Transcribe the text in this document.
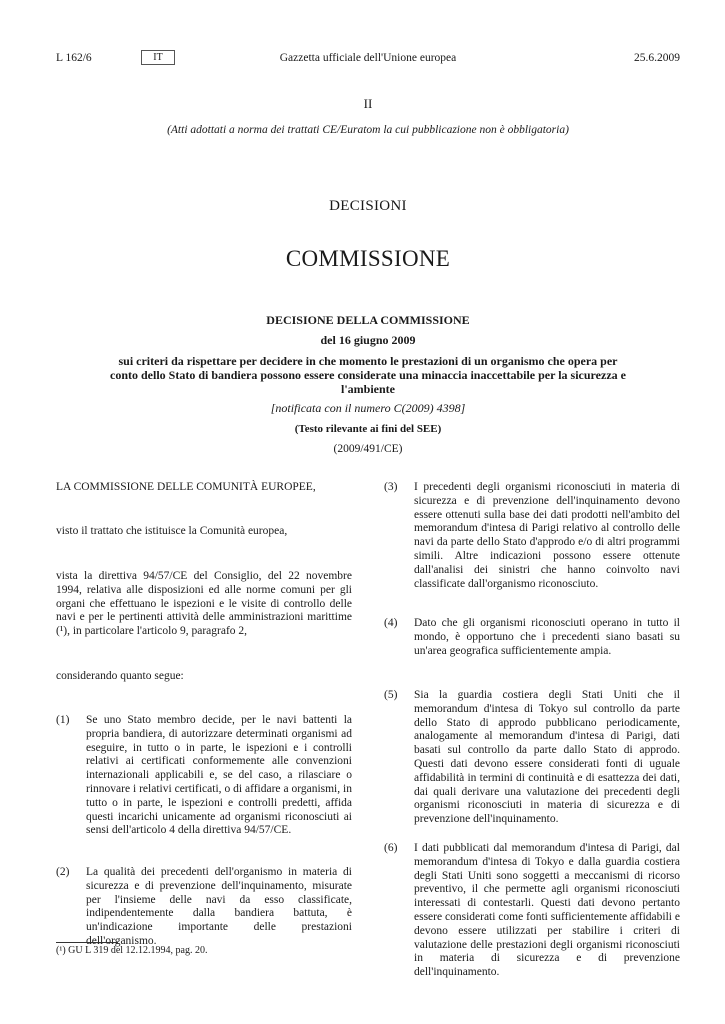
L 162/6	IT	Gazzetta ufficiale dell'Unione europea	25.6.2009
II
(Atti adottati a norma dei trattati CE/Euratom la cui pubblicazione non è obbligatoria)
DECISIONI
COMMISSIONE
DECISIONE DELLA COMMISSIONE
del 16 giugno 2009
sui criteri da rispettare per decidere in che momento le prestazioni di un organismo che opera per conto dello Stato di bandiera possono essere considerate una minaccia inaccettabile per la sicurezza e l'ambiente
[notificata con il numero C(2009) 4398]
(Testo rilevante ai fini del SEE)
(2009/491/CE)
LA COMMISSIONE DELLE COMUNITÀ EUROPEE,
visto il trattato che istituisce la Comunità europea,
vista la direttiva 94/57/CE del Consiglio, del 22 novembre 1994, relativa alle disposizioni ed alle norme comuni per gli organi che effettuano le ispezioni e le visite di controllo delle navi e per le pertinenti attività delle amministrazioni marittime (¹), in particolare l'articolo 9, paragrafo 2,
considerando quanto segue:
(1) Se uno Stato membro decide, per le navi battenti la propria bandiera, di autorizzare determinati organismi ad eseguire, in tutto o in parte, le ispezioni e i controlli relativi ai certificati conformemente alle convenzioni internazionali applicabili e, se del caso, a rilasciare o rinnovare i relativi certificati, o di affidare a organismi, in tutto o in parte, le ispezioni e controlli predetti, affida questi incarichi unicamente ad organismi riconosciuti ai sensi dell'articolo 4 della direttiva 94/57/CE.
(2) La qualità dei precedenti dell'organismo in materia di sicurezza e di prevenzione dell'inquinamento, misurate per l'insieme delle navi da esso classificate, indipendentemente dalla bandiera battuta, è un'indicazione importante delle prestazioni dell'organismo.
(3) I precedenti degli organismi riconosciuti in materia di sicurezza e di prevenzione dell'inquinamento devono essere ottenuti sulla base dei dati prodotti nell'ambito del memorandum d'intesa di Parigi relativo al controllo delle navi da parte dello Stato d'approdo e/o di altri programmi simili. Altre indicazioni possono essere ottenute dall'analisi dei sinistri che hanno coinvolto navi classificate dall'organismo riconosciuto.
(4) Dato che gli organismi riconosciuti operano in tutto il mondo, è opportuno che i precedenti siano basati su un'area geografica sufficientemente ampia.
(5) Sia la guardia costiera degli Stati Uniti che il memorandum d'intesa di Tokyo sul controllo da parte dello Stato di approdo pubblicano periodicamente, analogamente al memorandum d'intesa di Parigi, dati basati sul controllo da parte dallo Stato di approdo. Questi dati devono essere considerati fonti di uguale affidabilità in termini di continuità e di esattezza dei dati, dai quali derivare una valutazione dei precedenti degli organismi riconosciuti in materia di sicurezza e di prevenzione dell'inquinamento.
(6) I dati pubblicati dal memorandum d'intesa di Parigi, dal memorandum d'intesa di Tokyo e dalla guardia costiera degli Stati Uniti sono soggetti a meccanismi di ricorso preventivo, il che permette agli organismi riconosciuti interessati di contestarli. Questi dati devono pertanto essere considerati come fonti sufficientemente affidabili e devono essere utilizzati per stabilire i criteri di valutazione delle prestazioni degli organismi riconosciuti in materia di sicurezza e di prevenzione dell'inquinamento.
(¹) GU L 319 del 12.12.1994, pag. 20.
